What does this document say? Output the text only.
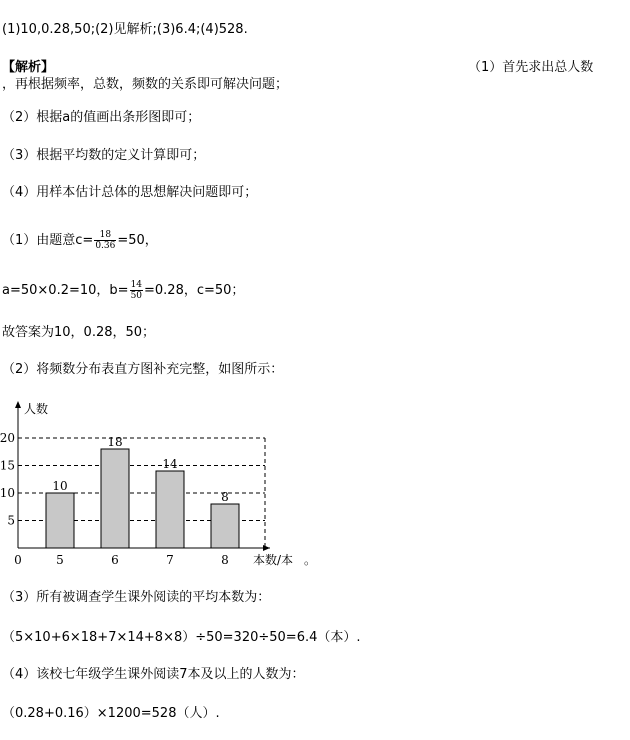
(1)10,0.28,50;(2)见解析;(3)6.4;(4)528.
【解析】	（1）首先求出总人数
，再根据频率，总数，频数的关系即可解决问题；
（2）根据a的值画出条形图即可；
（3）根据平均数的定义计算即可；
（4）用样本估计总体的思想解决问题即可；
（1）由题意$c= \frac{18}{0.36} =50$，
a=50×0.2=10，$b= \frac{14}{50} =0.28$，c=50；
故答案为10，0.28，50；
（2）将频数分布表直方图补充完整，如图所示：
10
5
18
6
14
7
8
8
5
10
15
20
0
人数
本数/本 。
（3）所有被调查学生课外阅读的平均本数为：
（5×10+6×18+7×14+8×8）÷50=320÷50=6.4（本）.
（4）该校七年级学生课外阅读7本及以上的人数为：
（0.28+0.16）×1200=528（人）.
